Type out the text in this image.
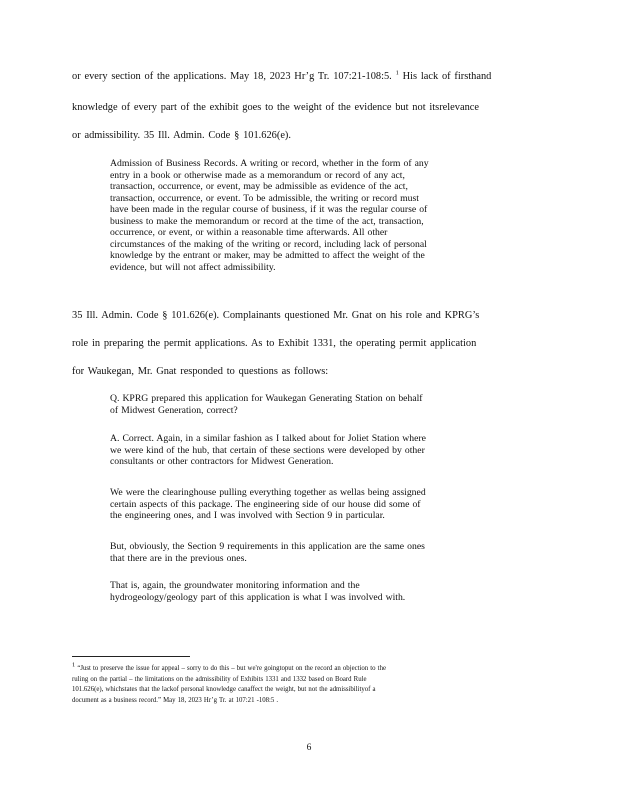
or every section of the applications. May 18, 2023 Hr’g Tr. 107:21-108:5. $^1$ His lack of firsthand
knowledge of every part of the exhibit goes to the weight of the evidence but not itsrelevance
or admissibility. 35 Ill. Admin. Code § 101.626(e).
Admission of Business Records. A writing or record, whether in the form of any
entry in a book or otherwise made as a memorandum or record of any act,
transaction, occurrence, or event, may be admissible as evidence of the act,
transaction, occurrence, or event. To be admissible, the writing or record must
have been made in the regular course of business, if it was the regular course of
business to make the memorandum or record at the time of the act, transaction,
occurrence, or event, or within a reasonable time afterwards. All other
circumstances of the making of the writing or record, including lack of personal
knowledge by the entrant or maker, may be admitted to affect the weight of the
evidence, but will not affect admissibility.
35 Ill. Admin. Code § 101.626(e). Complainants questioned Mr. Gnat on his role and KPRG’s
role in preparing the permit applications. As to Exhibit 1331, the operating permit application
for Waukegan, Mr. Gnat responded to questions as follows:
Q. KPRG prepared this application for Waukegan Generating Station on behalf
of Midwest Generation, correct?
A. Correct. Again, in a similar fashion as I talked about for Joliet Station where
we were kind of the hub, that certain of these sections were developed by other
consultants or other contractors for Midwest Generation.
We were the clearinghouse pulling everything together as wellas being assigned
certain aspects of this package. The engineering side of our house did some of
the engineering ones, and I was involved with Section 9 in particular.
But, obviously, the Section 9 requirements in this application are the same ones
that there are in the previous ones.
That is, again, the groundwater monitoring information and the
hydrogeology/geology part of this application is what I was involved with.
1 “Just to preserve the issue for appeal – sorry to do this – but we're goingtoput on the record an objection to the
ruling on the partial – the limitations on the admissibility of Exhibits 1331 and 1332 based on Board Rule
101.626(e), whichstates that the lackof personal knowledge canaffect the weight, but not the admissibilityof a
document as a business record.” May 18, 2023 Hr’g Tr. at 107:21 -108:5 .
6
